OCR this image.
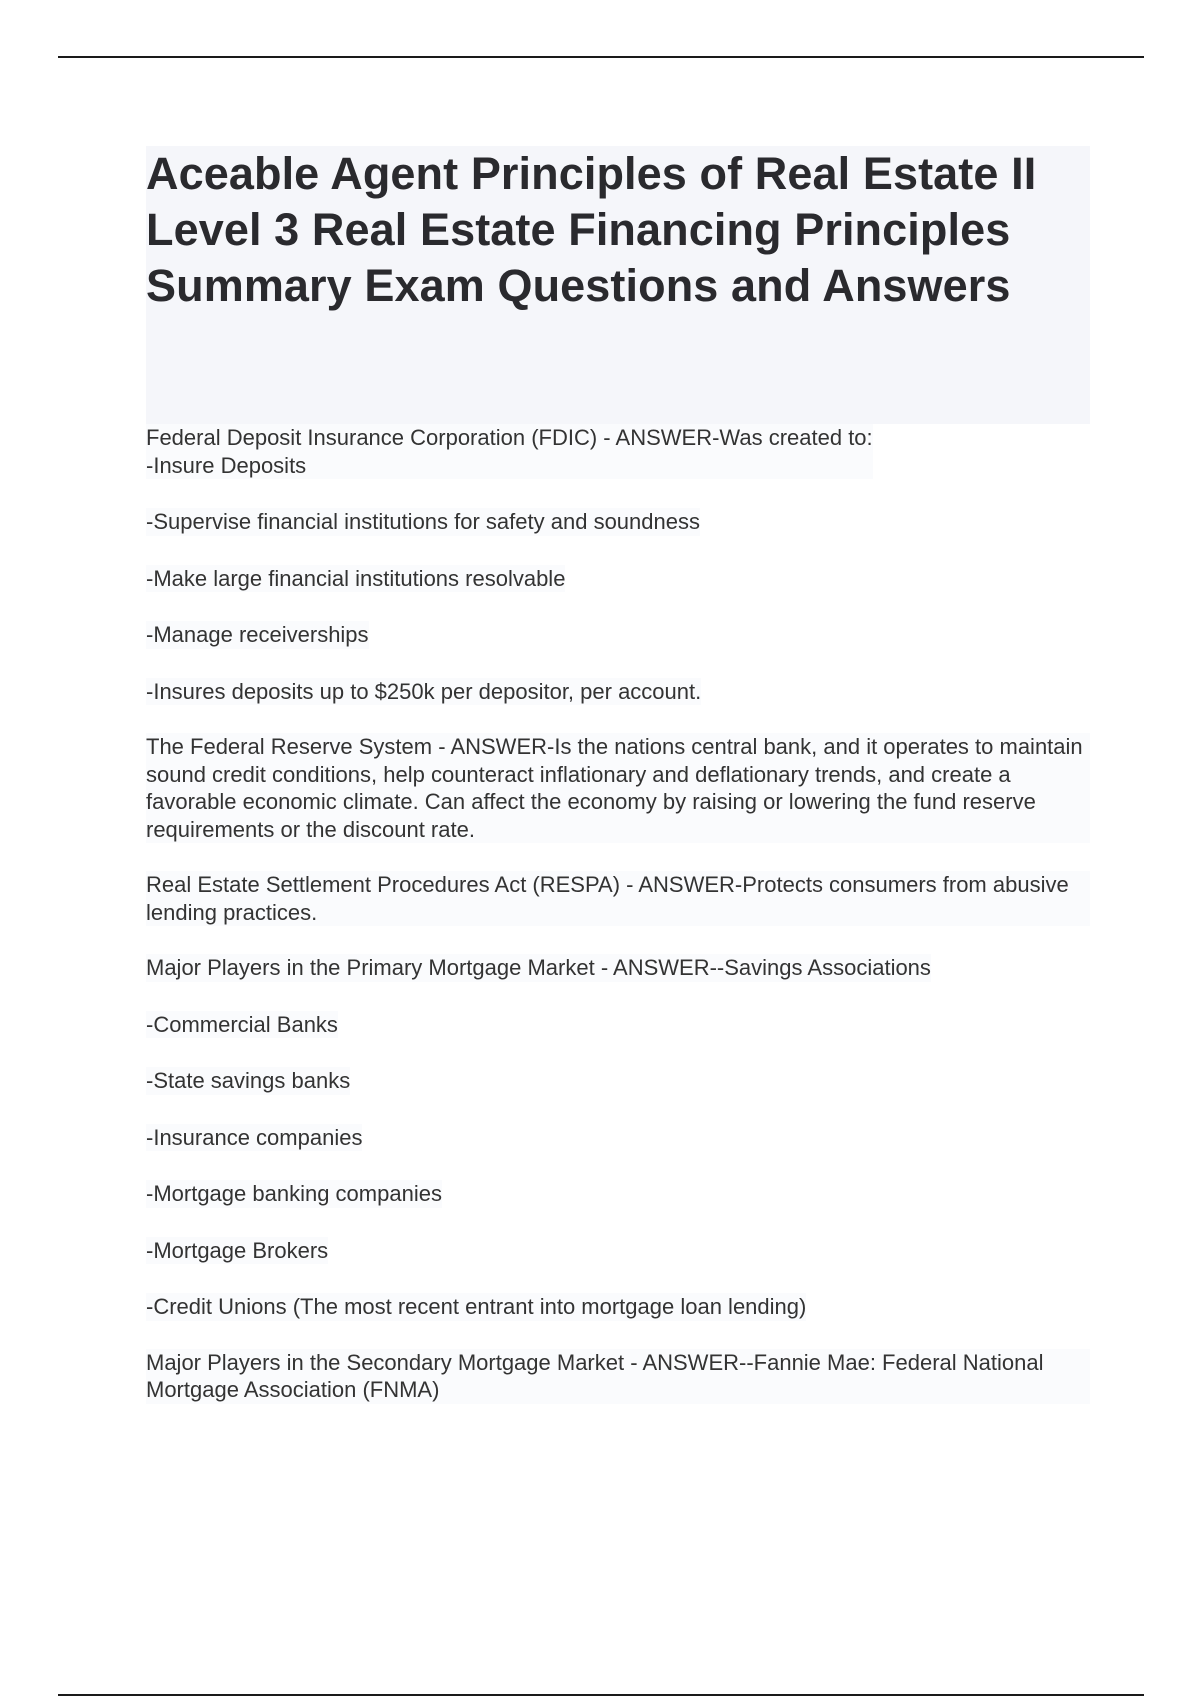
Aceable Agent Principles of Real Estate II Level 3 Real Estate Financing Principles Summary Exam Questions and Answers

Federal Deposit Insurance Corporation (FDIC) - ANSWER-Was created to:

-Insure Deposits

-Supervise financial institutions for safety and soundness
-Make large financial institutions resolvable
-Manage receiverships
-Insures deposits up to $250k per depositor, per account.
The Federal Reserve System - ANSWER-Is the nations central bank, and it operates to maintain sound credit conditions, help counteract inflationary and deflationary trends, and create a favorable economic climate. Can affect the economy by raising or lowering the fund reserve requirements or the discount rate.
Real Estate Settlement Procedures Act (RESPA) - ANSWER-Protects consumers from abusive lending practices.
Major Players in the Primary Mortgage Market - ANSWER--Savings Associations
-Commercial Banks
-State savings banks
-Insurance companies
-Mortgage banking companies
-Mortgage Brokers
-Credit Unions (The most recent entrant into mortgage loan lending)
Major Players in the Secondary Mortgage Market - ANSWER--Fannie Mae: Federal National Mortgage Association (FNMA)
